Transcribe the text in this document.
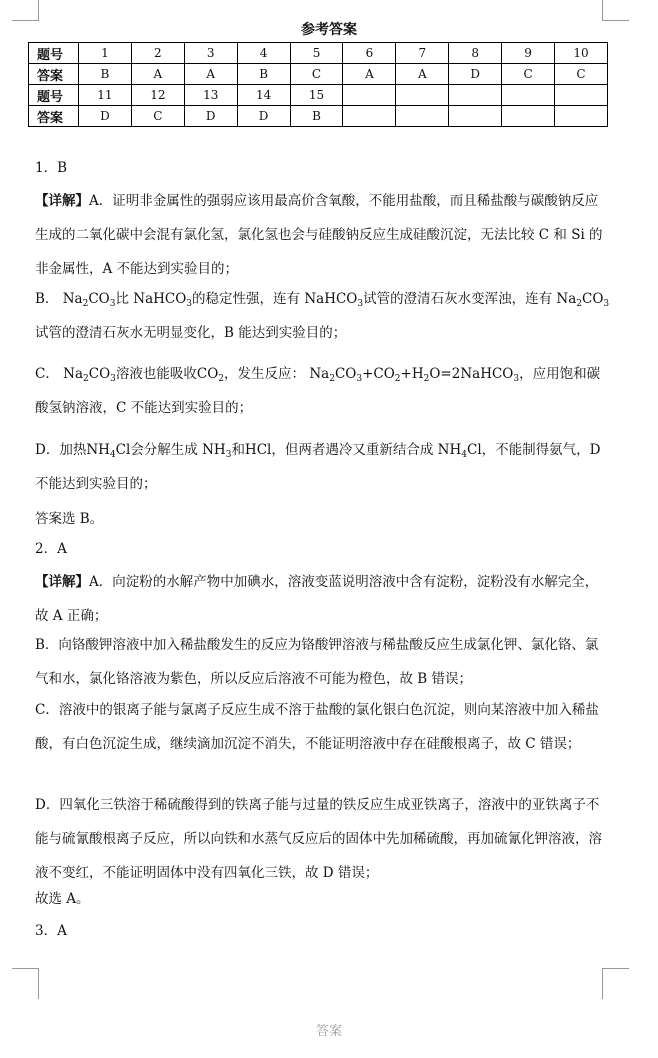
参考答案
题号	1	2	3	4	5	6	7	8	9	10
答案	B	A	A	B	C	A	A	D	C	C
题号	11	12	13	14	15					
答案	D	C	D	D	B					

1．B

【详解】A．证明非金属性的强弱应该用最高价含氧酸，不能用盐酸，而且稀盐酸与碳酸钠反应生成的二氧化碳中会混有氯化氢，氯化氢也会与硅酸钠反应生成硅酸沉淀，无法比较 C 和 Si 的非金属性，A 不能达到实验目的；

B． $Na_2CO_3$比 NaHCO$_3$的稳定性强，连有 NaHCO$_3$试管的澄清石灰水变浑浊，连有 $Na_2CO_3$
试管的澄清石灰水无明显变化，B 能达到实验目的；

C． $Na_2CO_3$溶液也能吸收$CO_2$，发生反应： $Na_2CO_3+CO_2+H_2O=2NaHCO_3$，应用饱和碳酸氢钠溶液，C 不能达到实验目的；

D．加热$NH_4Cl$会分解生成 $NH_3$和HCl，但两者遇冷又重新结合成 $NH_4Cl$，不能制得氨气，D 不能达到实验目的；

答案选 B。

2．A

【详解】A．向淀粉的水解产物中加碘水，溶液变蓝说明溶液中含有淀粉，淀粉没有水解完全，故 A 正确；

B．向铬酸钾溶液中加入稀盐酸发生的反应为铬酸钾溶液与稀盐酸反应生成氯化钾、氯化铬、氯气和水，氯化铬溶液为紫色，所以反应后溶液不可能为橙色，故 B 错误；

C．溶液中的银离子能与氯离子反应生成不溶于盐酸的氯化银白色沉淀，则向某溶液中加入稀盐酸，有白色沉淀生成，继续滴加沉淀不消失，不能证明溶液中存在硅酸根离子，故 C 错误；

D．四氧化三铁溶于稀硫酸得到的铁离子能与过量的铁反应生成亚铁离子，溶液中的亚铁离子不能与硫氰酸根离子反应，所以向铁和水蒸气反应后的固体中先加稀硫酸，再加硫氰化钾溶液，溶液不变红，不能证明固体中没有四氧化三铁，故 D 错误；

故选 A。

3．A

答案
